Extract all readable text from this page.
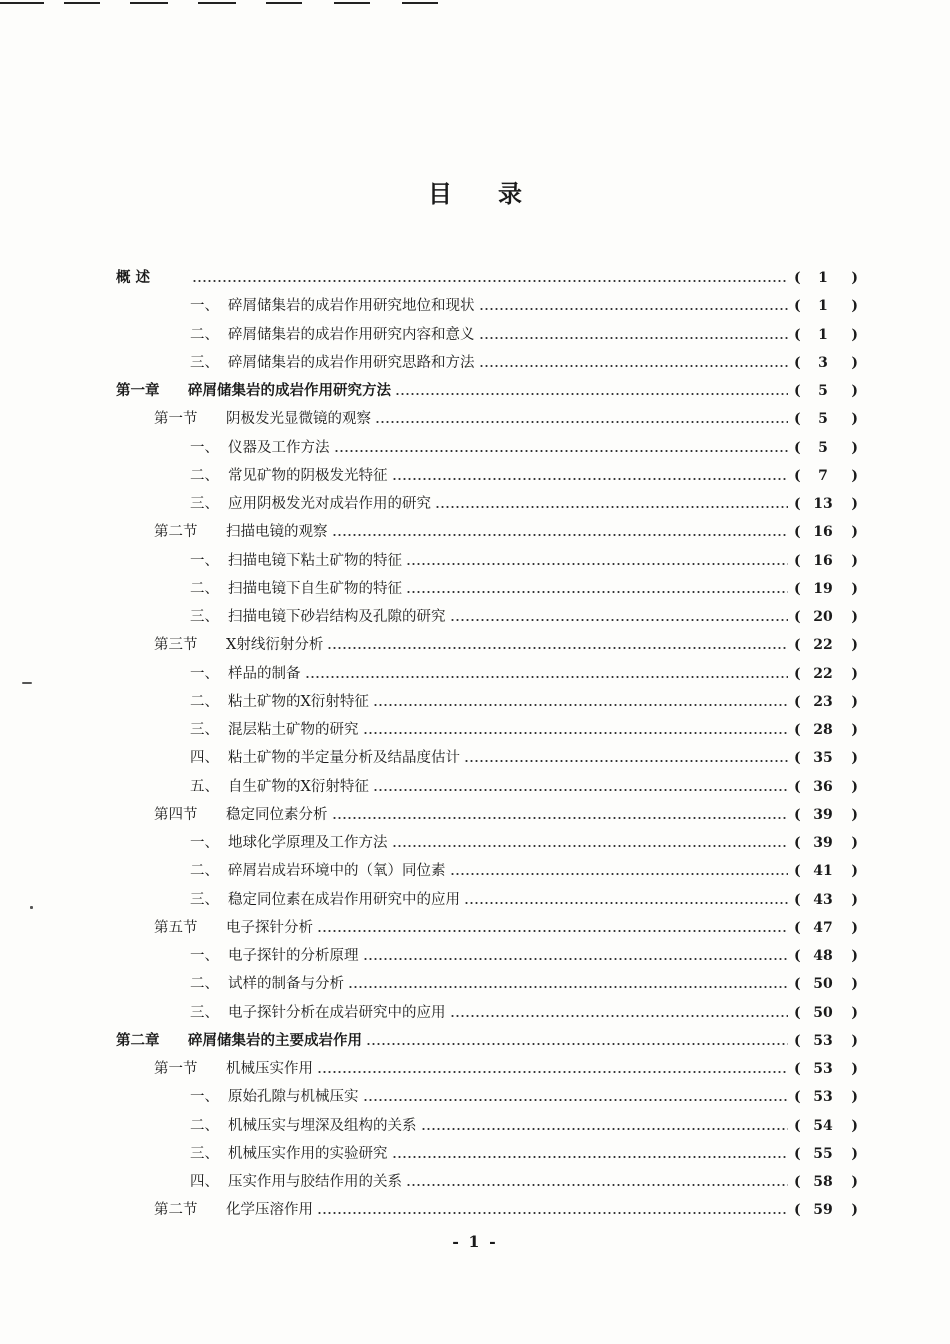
目录
概 述	( 1 )
一、 碎屑储集岩的成岩作用研究地位和现状	( 1 )
二、 碎屑储集岩的成岩作用研究内容和意义	( 1 )
三、 碎屑储集岩的成岩作用研究思路和方法	( 3 )
第一章	碎屑储集岩的成岩作用研究方法	( 5 )
第一节	阴极发光显微镜的观察	( 5 )
一、 仪器及工作方法	( 5 )
二、 常见矿物的阴极发光特征	( 7 )
三、 应用阴极发光对成岩作用的研究	( 13 )
第二节	扫描电镜的观察	( 16 )
一、 扫描电镜下粘土矿物的特征	( 16 )
二、 扫描电镜下自生矿物的特征	( 19 )
三、 扫描电镜下砂岩结构及孔隙的研究	( 20 )
第三节	X射线衍射分析	( 22 )
一、 样品的制备	( 22 )
二、 粘土矿物的X衍射特征	( 23 )
三、 混层粘土矿物的研究	( 28 )
四、 粘土矿物的半定量分析及结晶度估计	( 35 )
五、 自生矿物的X衍射特征	( 36 )
第四节	稳定同位素分析	( 39 )
一、 地球化学原理及工作方法	( 39 )
二、 碎屑岩成岩环境中的（氧）同位素	( 41 )
三、 稳定同位素在成岩作用研究中的应用	( 43 )
第五节	电子探针分析	( 47 )
一、 电子探针的分析原理	( 48 )
二、 试样的制备与分析	( 50 )
三、 电子探针分析在成岩研究中的应用	( 50 )
第二章	碎屑储集岩的主要成岩作用	( 53 )
第一节	机械压实作用	( 53 )
一、 原始孔隙与机械压实	( 53 )
二、 机械压实与埋深及组构的关系	( 54 )
三、 机械压实作用的实验研究	( 55 )
四、 压实作用与胶结作用的关系	( 58 )
第二节	化学压溶作用	( 59 )
- 1 -
